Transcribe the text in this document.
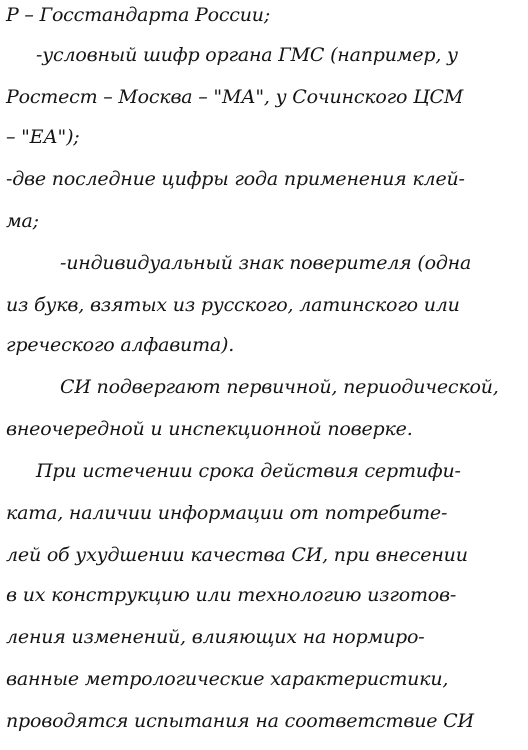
Р – Госстандарта России;
-условный шифр органа ГМС (например, у
Ростест – Москва – "МА", у Сочинского ЦСМ
– "ЕА");
-две последние цифры года применения клей-
ма;
-индивидуальный знак поверителя (одна
из букв, взятых из русского, латинского или
греческого алфавита).
СИ подвергают первичной, периодической,
внеочередной и инспекционной поверке.
При истечении срока действия сертифи-
ката, наличии информации от потребите-
лей об ухудшении качества СИ, при внесении
в их конструкцию или технологию изготов-
ления изменений, влияющих на нормиро-
ванные метрологические характеристики,
проводятся испытания на соответствие СИ
